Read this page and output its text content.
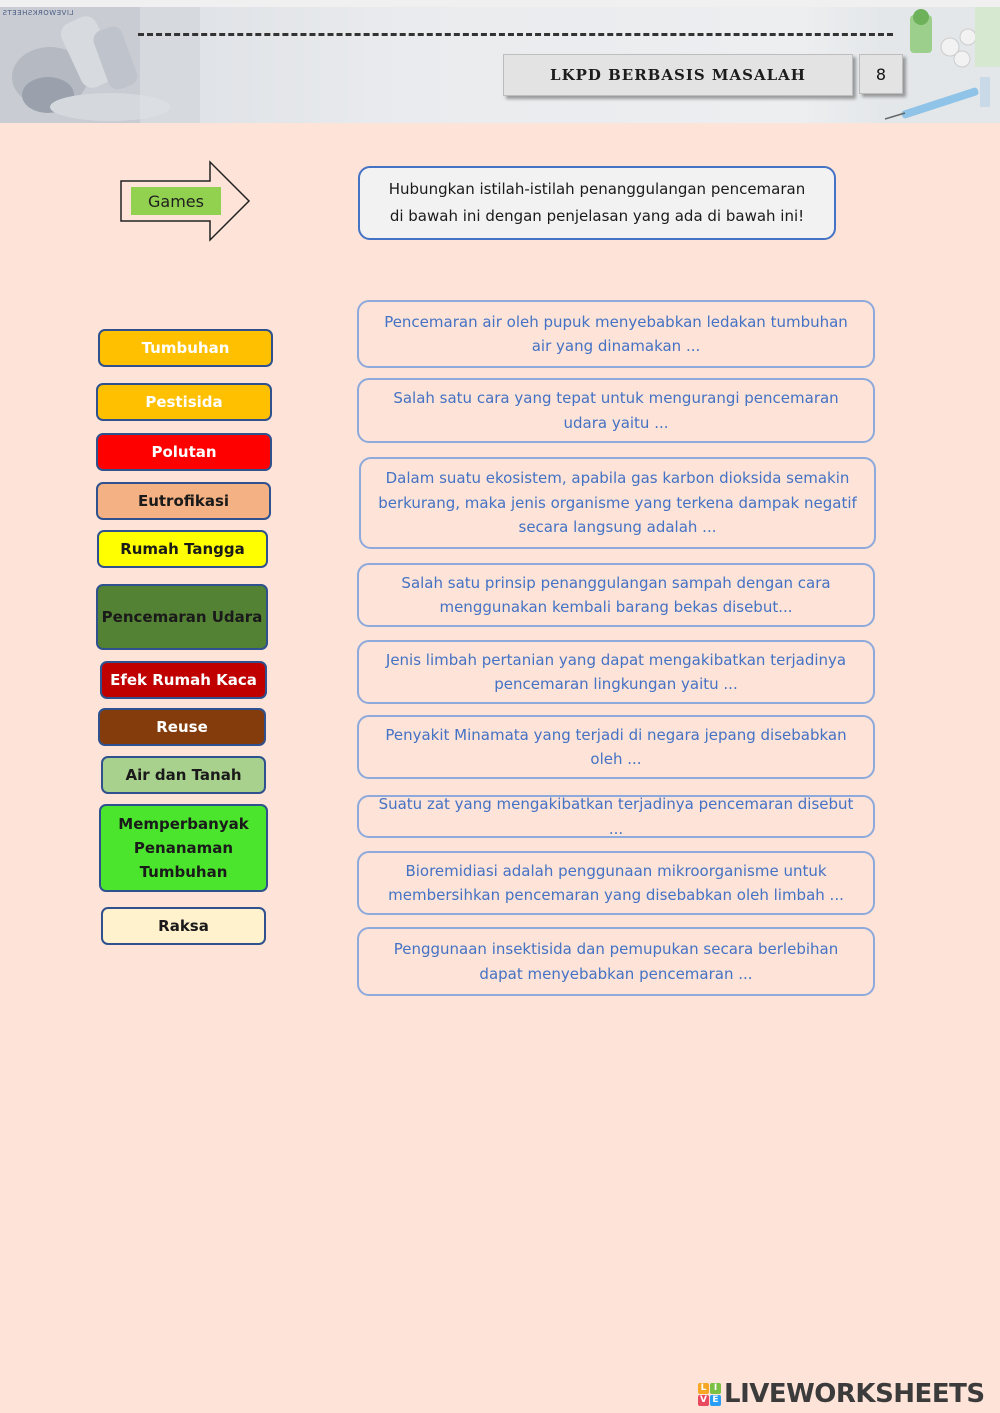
LIVEWORKSHEETS
LKPD BERBASIS MASALAH	8
Games
Hubungkan istilah-istilah penanggulangan pencemaran di bawah ini dengan penjelasan yang ada di bawah ini!
Tumbuhan
Pestisida
Polutan
Eutrofikasi
Rumah Tangga
Pencemaran Udara
Efek Rumah Kaca
Reuse
Air dan Tanah
Memperbanyak Penanaman Tumbuhan
Raksa
Pencemaran air oleh pupuk menyebabkan ledakan tumbuhan air yang dinamakan ...
Salah satu cara yang tepat untuk mengurangi pencemaran udara yaitu ...
Dalam suatu ekosistem, apabila gas karbon dioksida semakin berkurang, maka jenis organisme yang terkena dampak negatif secara langsung adalah ...
Salah satu prinsip penanggulangan sampah dengan cara menggunakan kembali barang bekas disebut...
Jenis limbah pertanian yang dapat mengakibatkan terjadinya pencemaran lingkungan yaitu ...
Penyakit Minamata yang terjadi di negara jepang disebabkan oleh ...
Suatu zat yang mengakibatkan terjadinya pencemaran disebut ...
Bioremidiasi adalah penggunaan mikroorganisme untuk membersihkan pencemaran yang disebabkan oleh limbah ...
Penggunaan insektisida dan pemupukan secara berlebihan dapat menyebabkan pencemaran ...
L I
V E LIVEWORKSHEETS
